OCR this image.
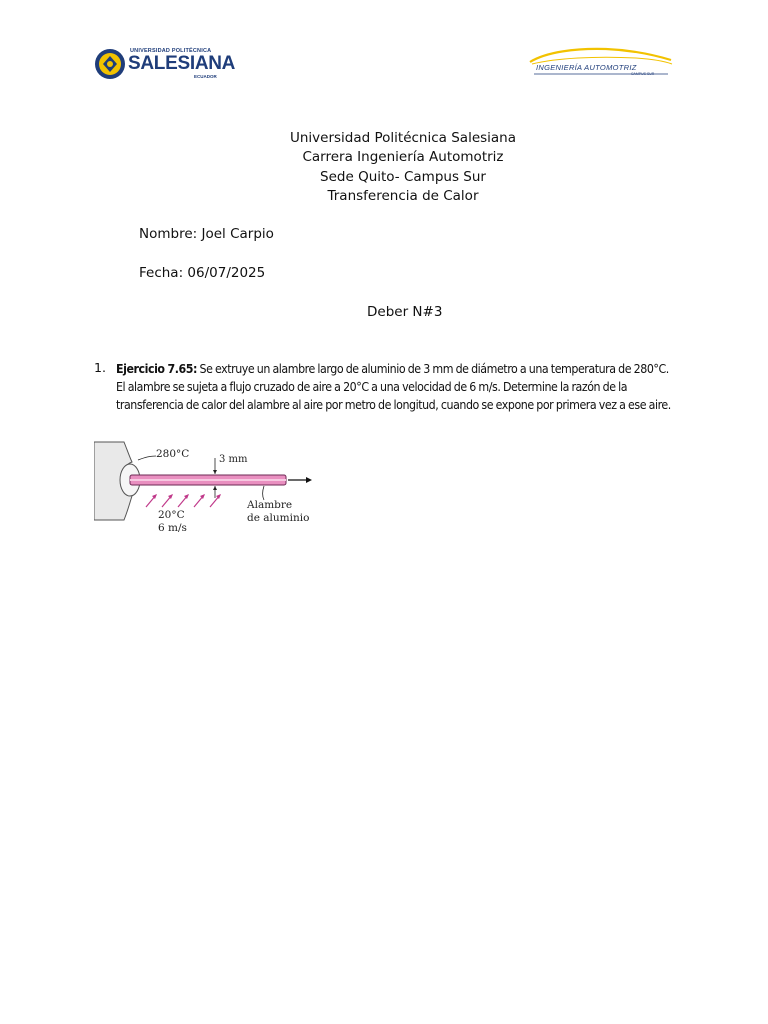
UNIVERSIDAD POLITÉCNICA
SALESIANA
ECUADOR
INGENIERÍA AUTOMOTRIZ
CAMPUS SUR
Universidad Politécnica Salesiana
Carrera Ingeniería Automotriz
Sede Quito- Campus Sur
Transferencia de Calor
Nombre: Joel Carpio
Fecha: 06/07/2025
Deber N#3
1. Ejercicio 7.65: Se extruye un alambre largo de aluminio de 3 mm de diámetro a una temperatura de 280°C. El alambre se sujeta a flujo cruzado de aire a 20°C a una velocidad de 6 m/s. Determine la razón de la transferencia de calor del alambre al aire por metro de longitud, cuando se expone por primera vez a ese aire.
280°C	3 mm
20°C
6 m/s
Alambre
de aluminio
